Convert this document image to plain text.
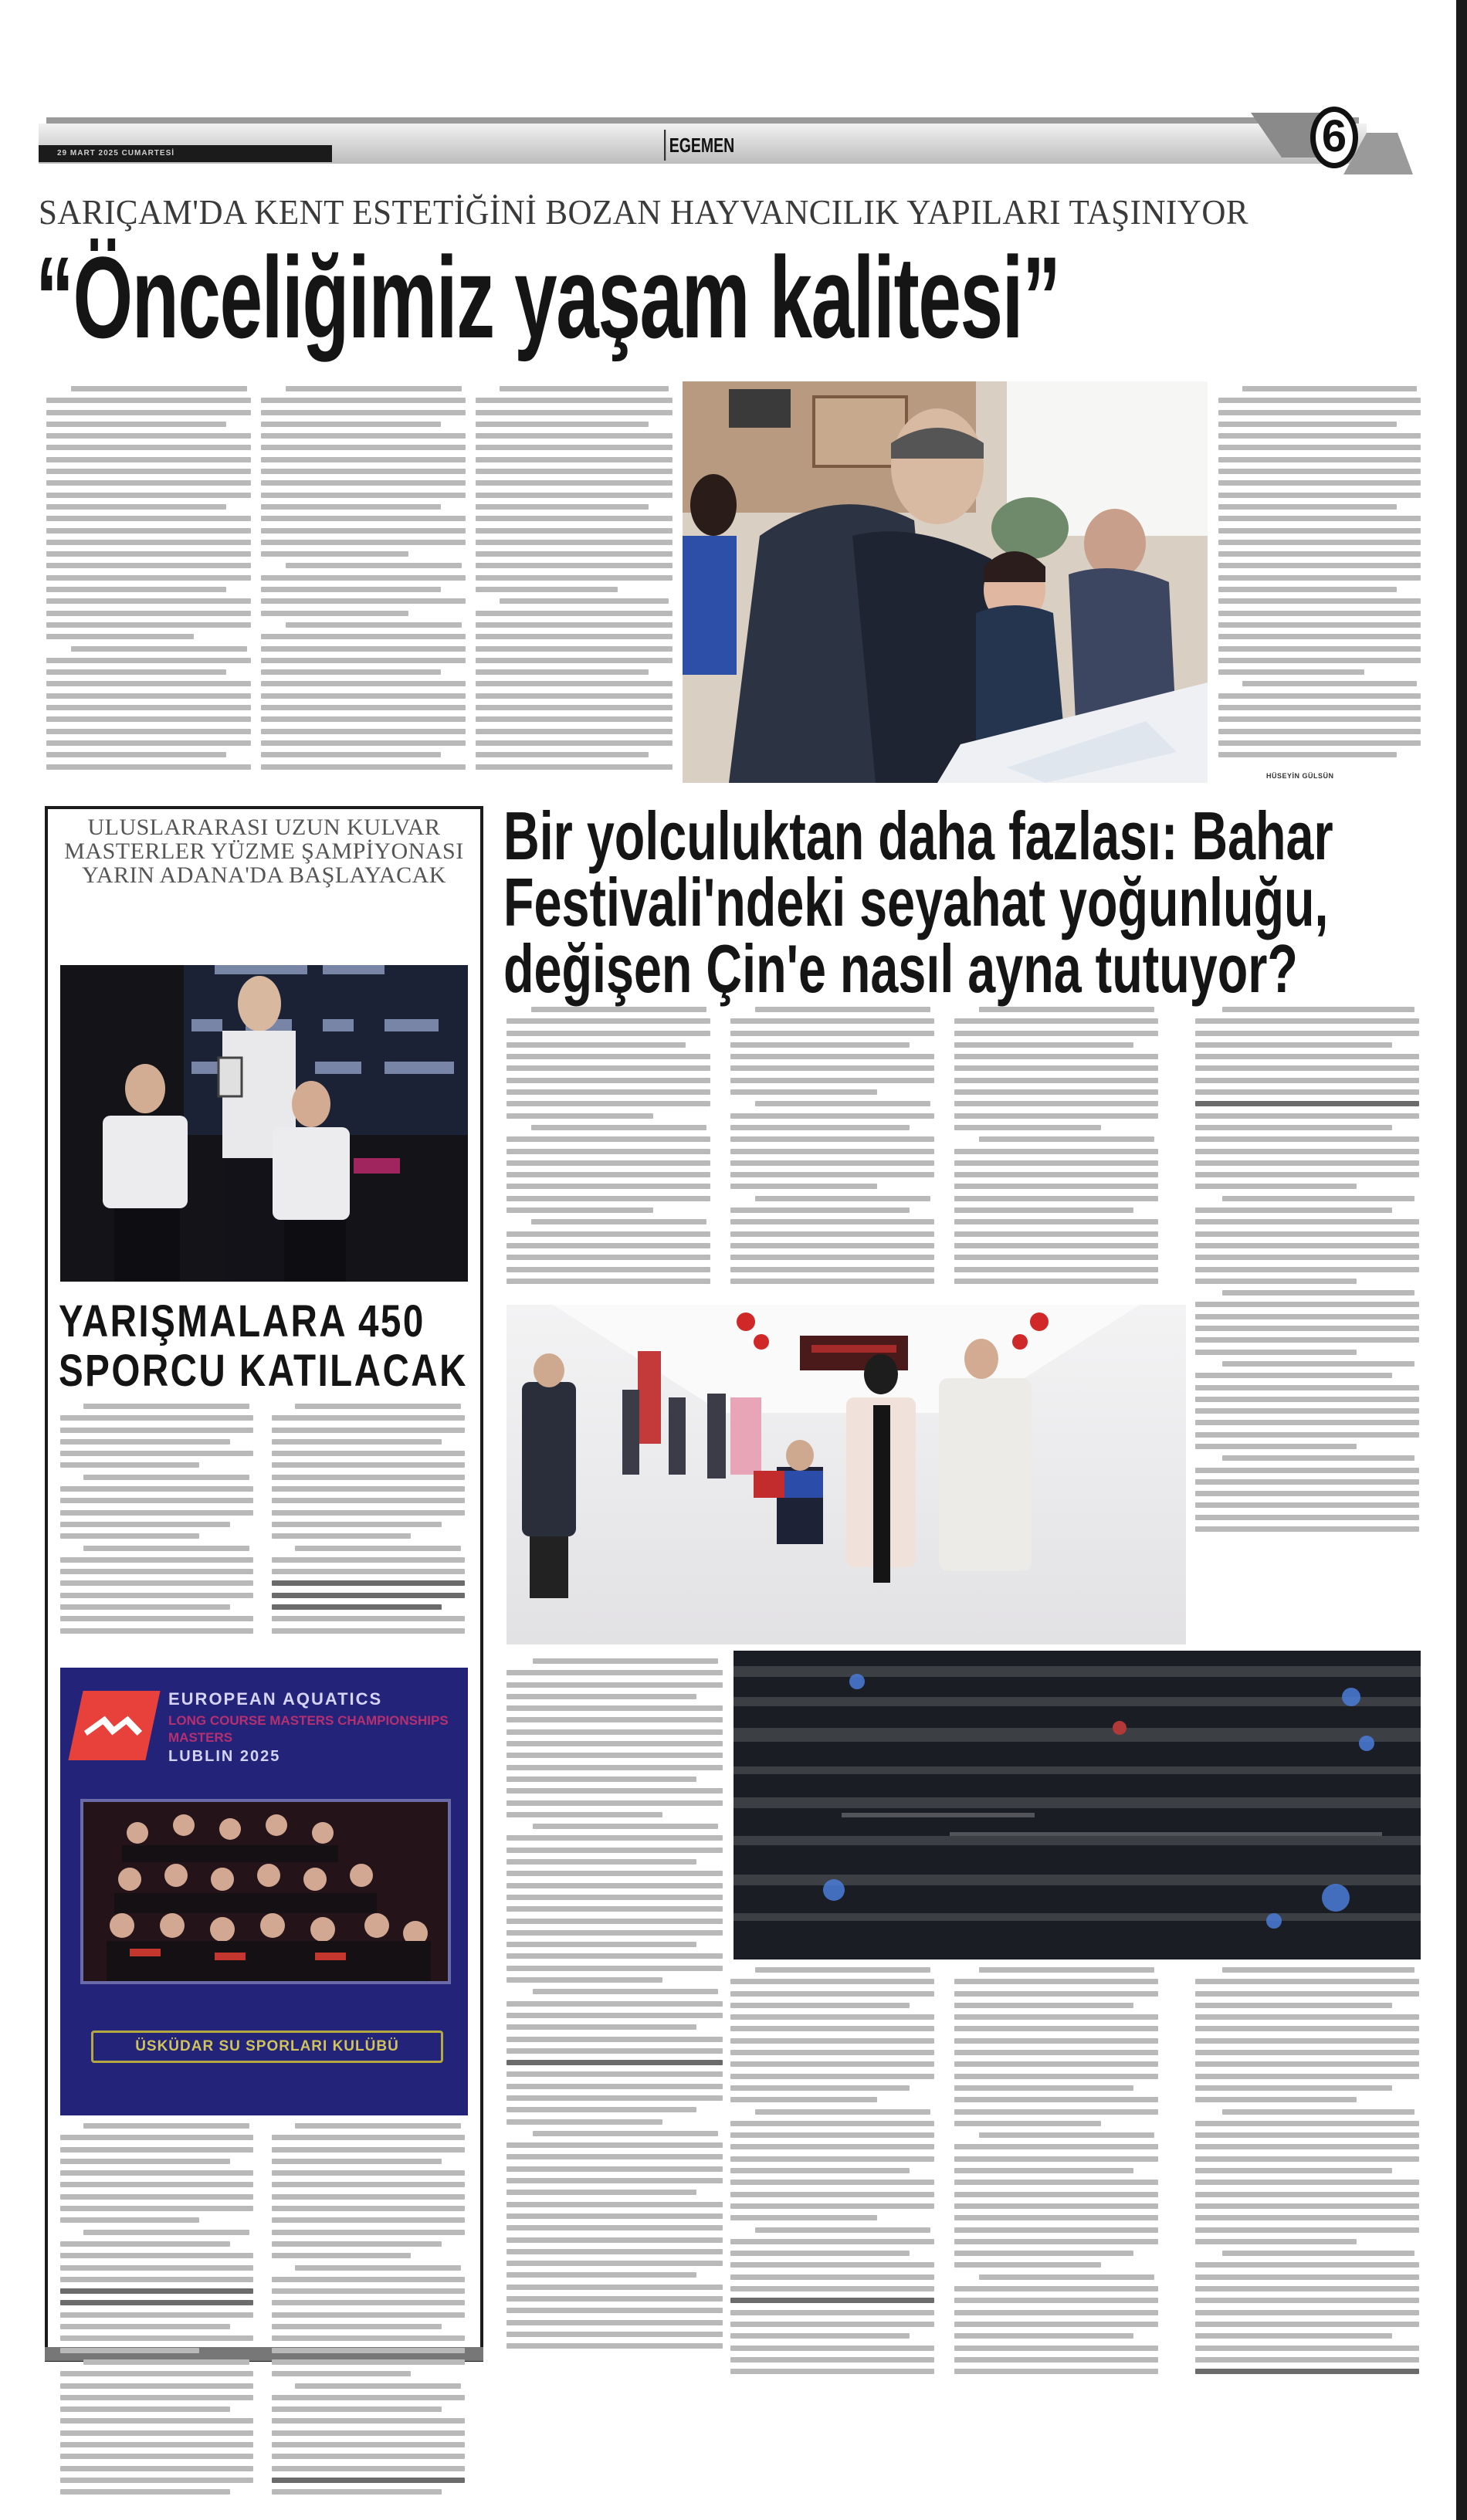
29 MART 2025 CUMARTESİ	EGEMEN	6
SARIÇAM'DA KENT ESTETİĞİNİ BOZAN HAYVANCILIK YAPILARI TAŞINIYOR
“Önceliğimiz yaşam kalitesi”
HÜSEYİN GÜLSÜN
ULUSLARARASI UZUN KULVAR MASTERLER YÜZME ŞAMPİYONASI YARIN ADANA'DA BAŞLAYACAK
YARIŞMALARA 450 SPORCU KATILACAK
EUROPEAN AQUATICS
LONG COURSE MASTERS CHAMPIONSHIPS MASTERS
LUBLIN 2025
ÜSKÜDAR SU SPORLARI KULÜBÜ
Bir yolculuktan daha fazlası: Bahar
Festivali'ndeki seyahat yoğunluğu,
değişen Çin'e nasıl ayna tutuyor?
